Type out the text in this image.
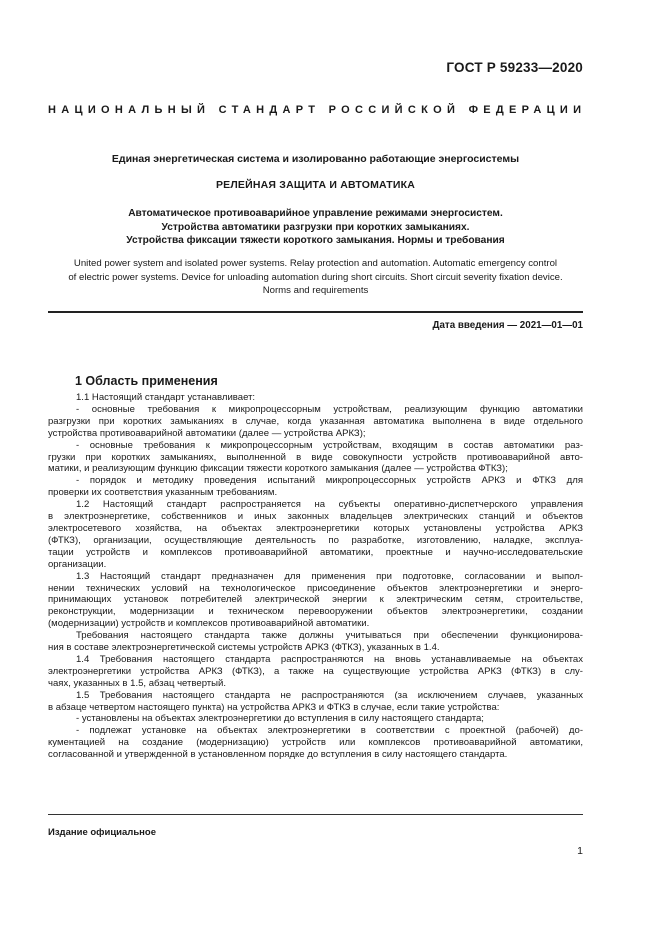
ГОСТ Р 59233—2020
НАЦИОНАЛЬНЫЙ СТАНДАРТ РОССИЙСКОЙ ФЕДЕРАЦИИ
Единая энергетическая система и изолированно работающие энергосистемы
РЕЛЕЙНАЯ ЗАЩИТА И АВТОМАТИКА
Автоматическое противоаварийное управление режимами энергосистем.
Устройства автоматики разгрузки при коротких замыканиях.
Устройства фиксации тяжести короткого замыкания. Нормы и требования
United power system and isolated power systems. Relay protection and automation. Automatic emergency control
of electric power systems. Device for unloading automation during short circuits. Short circuit severity fixation device.
Norms and requirements
Дата введения — 2021—01—01
1 Область применения

1.1 Настоящий стандарт устанавливает:

- основные требования к микропроцессорным устройствам, реализующим функцию автоматики

разгрузки при коротких замыканиях в случае, когда указанная автоматика выполнена в виде отдельного

устройства противоаварийной автоматики (далее — устройства АРКЗ);

- основные требования к микропроцессорным устройствам, входящим в состав автоматики раз-

грузки при коротких замыканиях, выполненной в виде совокупности устройств противоаварийной авто-

матики, и реализующим функцию фиксации тяжести короткого замыкания (далее — устройства ФТКЗ);

- порядок и методику проведения испытаний микропроцессорных устройств АРКЗ и ФТКЗ для

проверки их соответствия указанным требованиям.

1.2 Настоящий стандарт распространяется на субъекты оперативно-диспетчерского управления

в электроэнергетике, собственников и иных законных владельцев электрических станций и объектов

электросетевого хозяйства, на объектах электроэнергетики которых установлены устройства АРКЗ

(ФТКЗ), организации, осуществляющие деятельность по разработке, изготовлению, наладке, эксплуа-

тации устройств и комплексов противоаварийной автоматики, проектные и научно-исследовательские

организации.

1.3 Настоящий стандарт предназначен для применения при подготовке, согласовании и выпол-

нении технических условий на технологическое присоединение объектов электроэнергетики и энерго-

принимающих установок потребителей электрической энергии к электрическим сетям, строительстве,

реконструкции, модернизации и техническом перевооружении объектов электроэнергетики, создании

(модернизации) устройств и комплексов противоаварийной автоматики.

Требования настоящего стандарта также должны учитываться при обеспечении функционирова-

ния в составе электроэнергетической системы устройств АРКЗ (ФТКЗ), указанных в 1.4.

1.4 Требования настоящего стандарта распространяются на вновь устанавливаемые на объектах

электроэнергетики устройства АРКЗ (ФТКЗ), а также на существующие устройства АРКЗ (ФТКЗ) в слу-

чаях, указанных в 1.5, абзац четвертый.

1.5 Требования настоящего стандарта не распространяются (за исключением случаев, указанных

в абзаце четвертом настоящего пункта) на устройства АРКЗ и ФТКЗ в случае, если такие устройства:

- установлены на объектах электроэнергетики до вступления в силу настоящего стандарта;

- подлежат установке на объектах электроэнергетики в соответствии с проектной (рабочей) до-

кументацией на создание (модернизацию) устройств или комплексов противоаварийной автоматики,

согласованной и утвержденной в установленном порядке до вступления в силу настоящего стандарта.

Издание официальное
1
